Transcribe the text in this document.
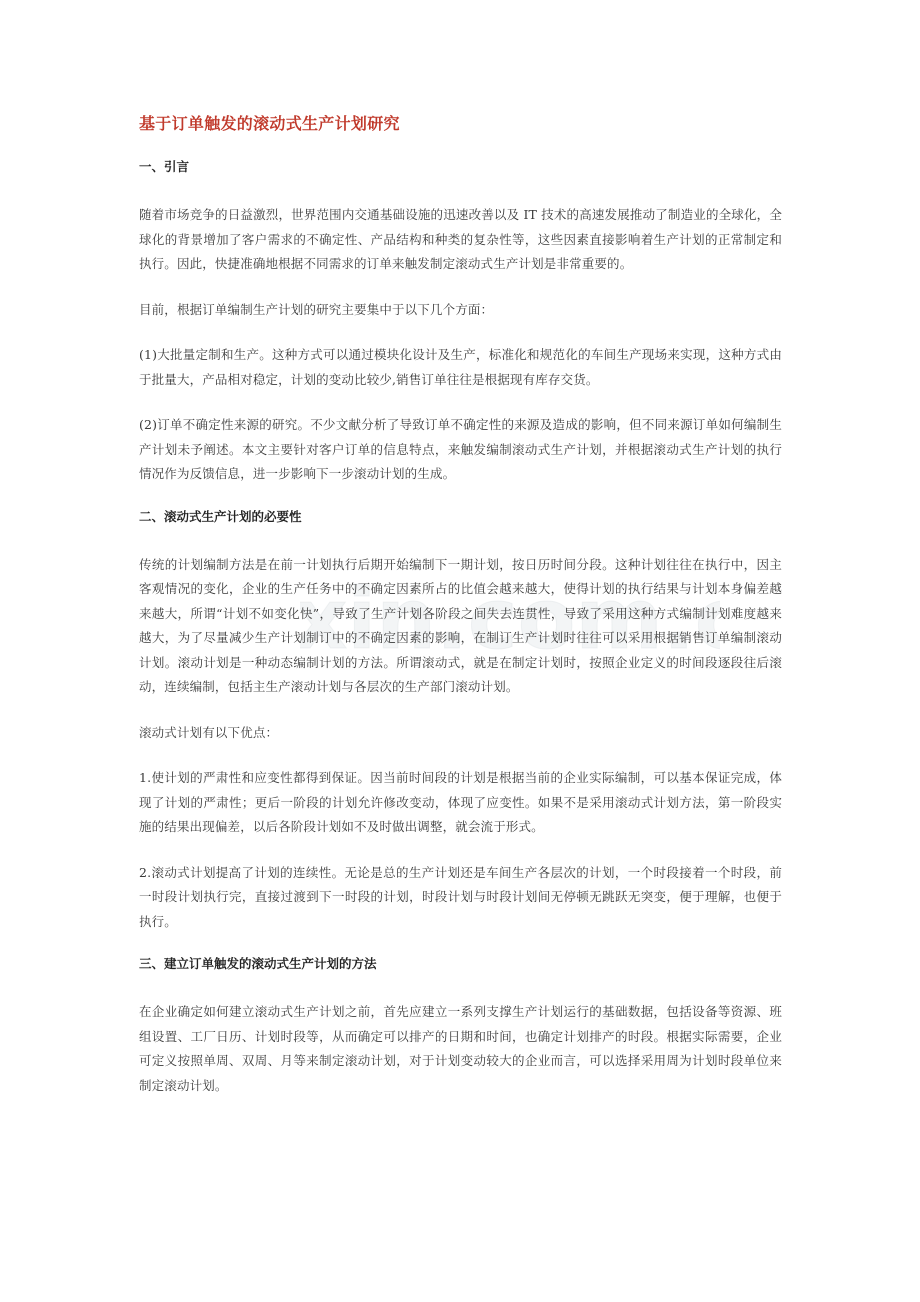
xin.com.c
基于订单触发的滚动式生产计划研究
一、引言

随着市场竞争的日益激烈，世界范围内交通基础设施的迅速改善以及 IT 技术的高速发展推动了制造业的全球化，全球化的背景增加了客户需求的不确定性、产品结构和种类的复杂性等，这些因素直接影响着生产计划的正常制定和执行。因此，快捷准确地根据不同需求的订单来触发制定滚动式生产计划是非常重要的。

目前，根据订单编制生产计划的研究主要集中于以下几个方面：

(1)大批量定制和生产。这种方式可以通过模块化设计及生产，标准化和规范化的车间生产现场来实现，这种方式由于批量大，产品相对稳定，计划的变动比较少,销售订单往往是根据现有库存交货。

(2)订单不确定性来源的研究。不少文献分析了导致订单不确定性的来源及造成的影响，但不同来源订单如何编制生产计划未予阐述。本文主要针对客户订单的信息特点，来触发编制滚动式生产计划，并根据滚动式生产计划的执行情况作为反馈信息，进一步影响下一步滚动计划的生成。

二、滚动式生产计划的必要性

传统的计划编制方法是在前一计划执行后期开始编制下一期计划，按日历时间分段。这种计划往往在执行中，因主客观情况的变化，企业的生产任务中的不确定因素所占的比值会越来越大，使得计划的执行结果与计划本身偏差越来越大，所谓“计划不如变化快”，导致了生产计划各阶段之间失去连贯性，导致了采用这种方式编制计划难度越来越大，为了尽量减少生产计划制订中的不确定因素的影响，在制订生产计划时往往可以采用根据销售订单编制滚动计划。滚动计划是一种动态编制计划的方法。所谓滚动式，就是在制定计划时，按照企业定义的时间段逐段往后滚动，连续编制，包括主生产滚动计划与各层次的生产部门滚动计划。

滚动式计划有以下优点：

1.使计划的严肃性和应变性都得到保证。因当前时间段的计划是根据当前的企业实际编制，可以基本保证完成，体现了计划的严肃性；更后一阶段的计划允许修改变动，体现了应变性。如果不是采用滚动式计划方法，第一阶段实施的结果出现偏差，以后各阶段计划如不及时做出调整，就会流于形式。

2.滚动式计划提高了计划的连续性。无论是总的生产计划还是车间生产各层次的计划，一个时段接着一个时段，前一时段计划执行完，直接过渡到下一时段的计划，时段计划与时段计划间无停顿无跳跃无突变，便于理解，也便于执行。

三、建立订单触发的滚动式生产计划的方法

在企业确定如何建立滚动式生产计划之前，首先应建立一系列支撑生产计划运行的基础数据，包括设备等资源、班组设置、工厂日历、计划时段等，从而确定可以排产的日期和时间，也确定计划排产的时段。根据实际需要，企业可定义按照单周、双周、月等来制定滚动计划，对于计划变动较大的企业而言，可以选择采用周为计划时段单位来制定滚动计划。
